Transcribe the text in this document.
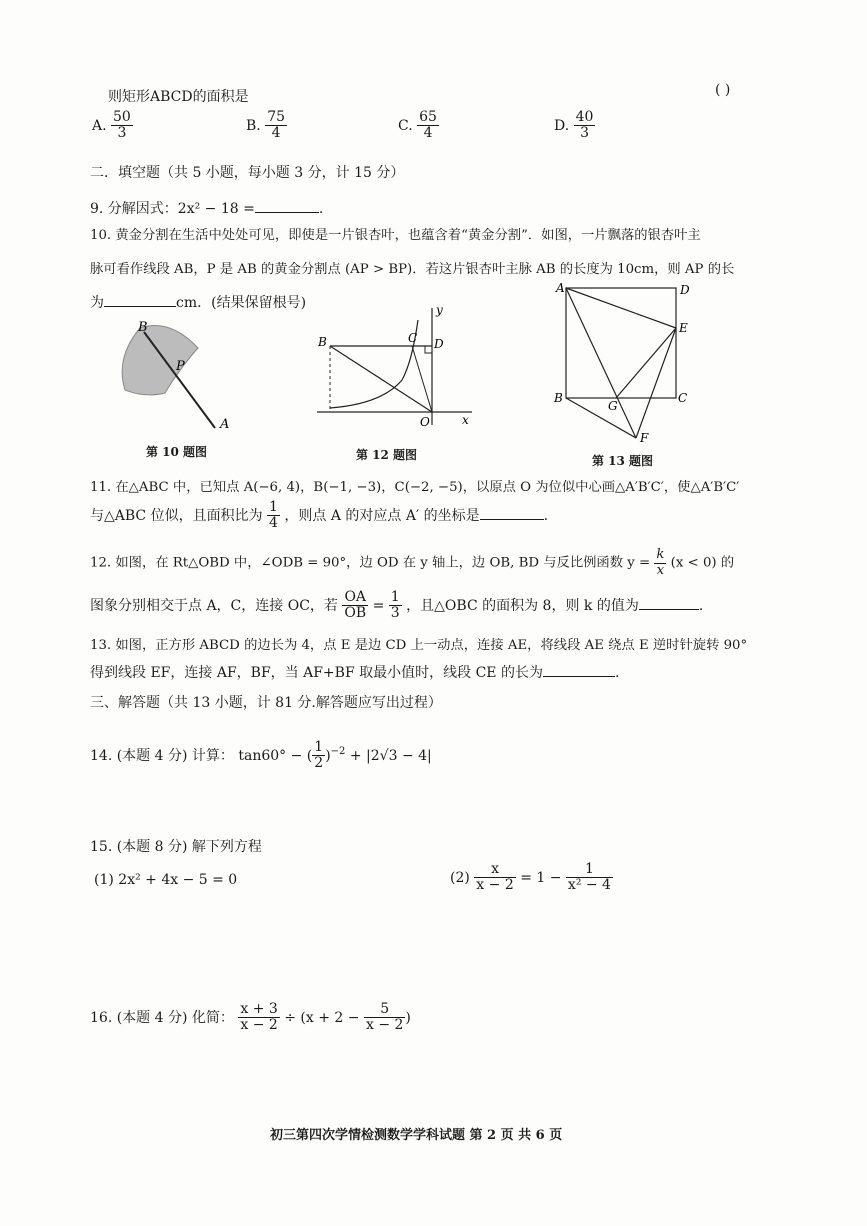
则矩形ABCD的面积是	( )
A. $\frac{50}{3}$	B. $\frac{75}{4}$	C. $\frac{65}{4}$	D. $\frac{40}{3}$
二．填空题（共 5 小题，每小题 3 分，计 15 分）
9. 分解因式：2x² − 18 =	.
10. 黄金分割在生活中处处可见，即使是一片银杏叶，也蕴含着“黄金分割”．如图，一片飘落的银杏叶主
脉可看作线段 AB，P 是 AB 的黄金分割点 (AP > BP)．若这片银杏叶主脉 AB 的长度为 10cm，则 AP 的长
为	cm．(结果保留根号)
B
P
A
第 10 题图
B	C D
O	x
y
第 12 题图
A	D
E
B
G
C
F
第 13 题图
11. 在△ABC 中，已知点 A(−6, 4)，B(−1, −3)，C(−2, −5)，以原点 O 为位似中心画△A′B′C′，使△A′B′C′
与△ABC 位似，且面积比为 $\frac{1}{4}$ ，则点 A 的对应点 A′ 的坐标是	.
12. 如图，在 Rt△OBD 中，∠ODB = 90°，边 OD 在 y 轴上，边 OB, BD 与反比例函数 $y = \frac{k}{x} (x < 0)$ 的
图象分别相交于点 A，C，连接 OC，若 $\frac{OA}{OB} = \frac{1}{3}$ ，且△OBC 的面积为 8，则 k 的值为	.
13. 如图，正方形 ABCD 的边长为 4，点 E 是边 CD 上一动点，连接 AE，将线段 AE 绕点 E 逆时针旋转 90°
得到线段 EF，连接 AF，BF，当 AF+BF 取最小值时，线段 CE 的长为	.
三、解答题（共 13 小题，计 81 分.解答题应写出过程）
14. (本题 4 分) 计算： tan60° − ( $\frac{1}{2} )^{-2} + |2√3 - 4|$
15. (本题 8 分) 解下列方程
(1) 2x² + 4x − 5 = 0	$(2) \frac{x}{x - 2} = 1 - \frac{1}{\text{x² − 4}}$
16. (本题 4 分) 化简： $\frac{x + 3}{x - 2} \div (x + 2 - \frac{5}{x - 2}$ )
初三第四次学情检测数学学科试题 第 2 页 共 6 页
